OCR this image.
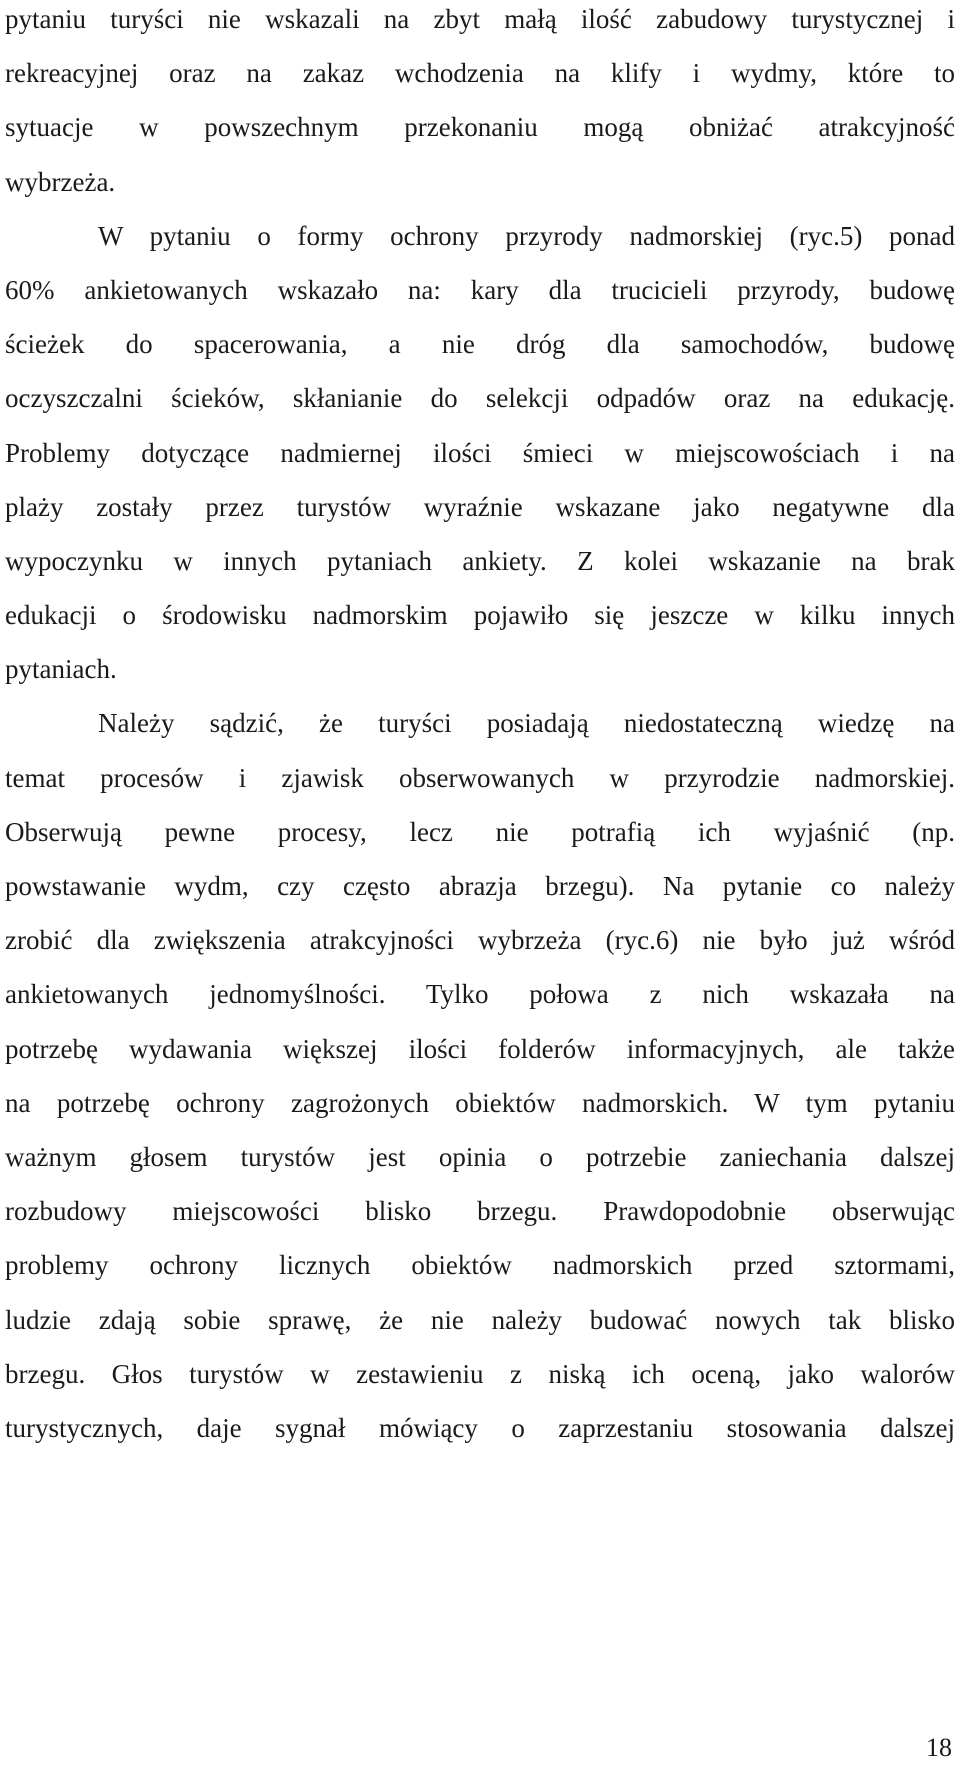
pytaniu turyści nie wskazali na zbyt małą ilość zabudowy turystycznej i
rekreacyjnej oraz na zakaz wchodzenia na klify i wydmy, które to
sytuacje w powszechnym przekonaniu mogą obniżać atrakcyjność
wybrzeża.
W pytaniu o formy ochrony przyrody nadmorskiej (ryc.5) ponad
60% ankietowanych wskazało na: kary dla trucicieli przyrody, budowę
ścieżek do spacerowania, a nie dróg dla samochodów, budowę
oczyszczalni ścieków, skłanianie do selekcji odpadów oraz na edukację.
Problemy dotyczące nadmiernej ilości śmieci w miejscowościach i na
plaży zostały przez turystów wyraźnie wskazane jako negatywne dla
wypoczynku w innych pytaniach ankiety. Z kolei wskazanie na brak
edukacji o środowisku nadmorskim pojawiło się jeszcze w kilku innych
pytaniach.
Należy sądzić, że turyści posiadają niedostateczną wiedzę na
temat procesów i zjawisk obserwowanych w przyrodzie nadmorskiej.
Obserwują pewne procesy, lecz nie potrafią ich wyjaśnić (np.
powstawanie wydm, czy często abrazja brzegu). Na pytanie co należy
zrobić dla zwiększenia atrakcyjności wybrzeża (ryc.6) nie było już wśród
ankietowanych jednomyślności. Tylko połowa z nich wskazała na
potrzebę wydawania większej ilości folderów informacyjnych, ale także
na potrzebę ochrony zagrożonych obiektów nadmorskich. W tym pytaniu
ważnym głosem turystów jest opinia o potrzebie zaniechania dalszej
rozbudowy miejscowości blisko brzegu. Prawdopodobnie obserwując
problemy ochrony licznych obiektów nadmorskich przed sztormami,
ludzie zdają sobie sprawę, że nie należy budować nowych tak blisko
brzegu. Głos turystów w zestawieniu z niską ich oceną, jako walorów
turystycznych, daje sygnał mówiący o zaprzestaniu stosowania dalszej
18
